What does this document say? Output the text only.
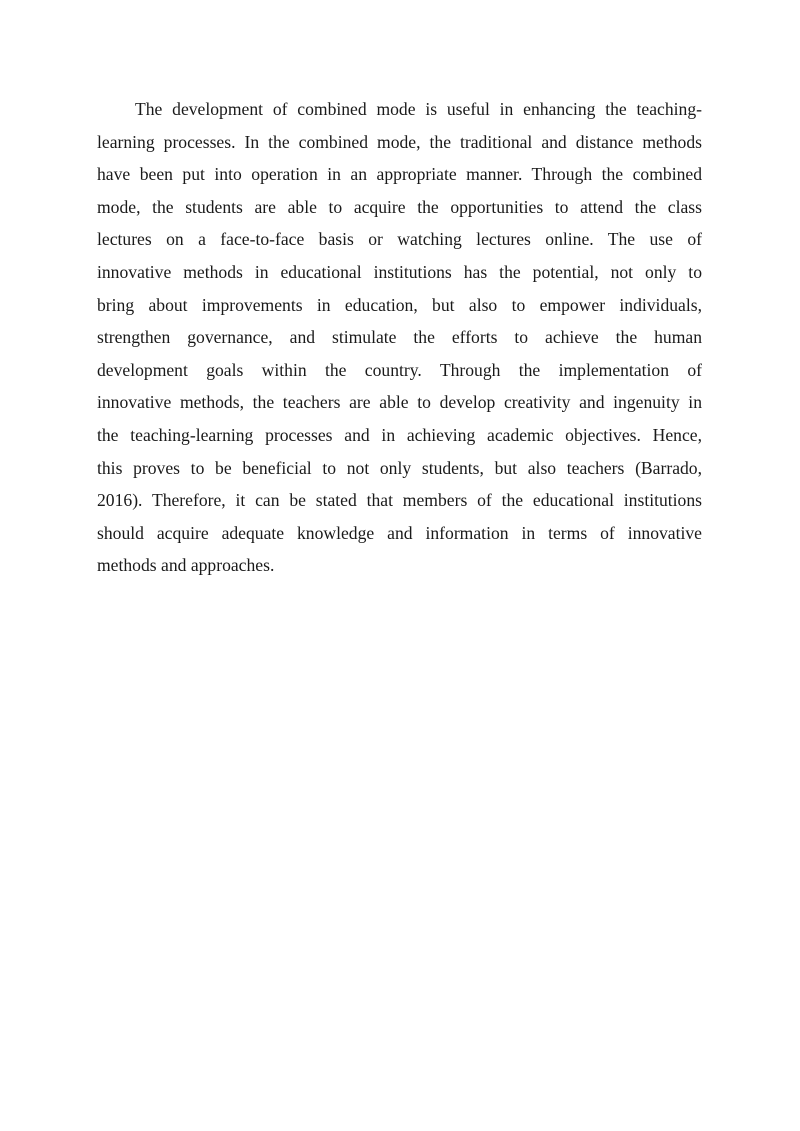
The development of combined mode is useful in enhancing the teaching-
learning processes. In the combined mode, the traditional and distance methods
have been put into operation in an appropriate manner. Through the combined
mode, the students are able to acquire the opportunities to attend the class
lectures on a face-to-face basis or watching lectures online. The use of
innovative methods in educational institutions has the potential, not only to
bring about improvements in education, but also to empower individuals,
strengthen governance, and stimulate the efforts to achieve the human
development goals within the country. Through the implementation of
innovative methods, the teachers are able to develop creativity and ingenuity in
the teaching-learning processes and in achieving academic objectives. Hence,
this proves to be beneficial to not only students, but also teachers (Barrado,
2016). Therefore, it can be stated that members of the educational institutions
should acquire adequate knowledge and information in terms of innovative
methods and approaches.
